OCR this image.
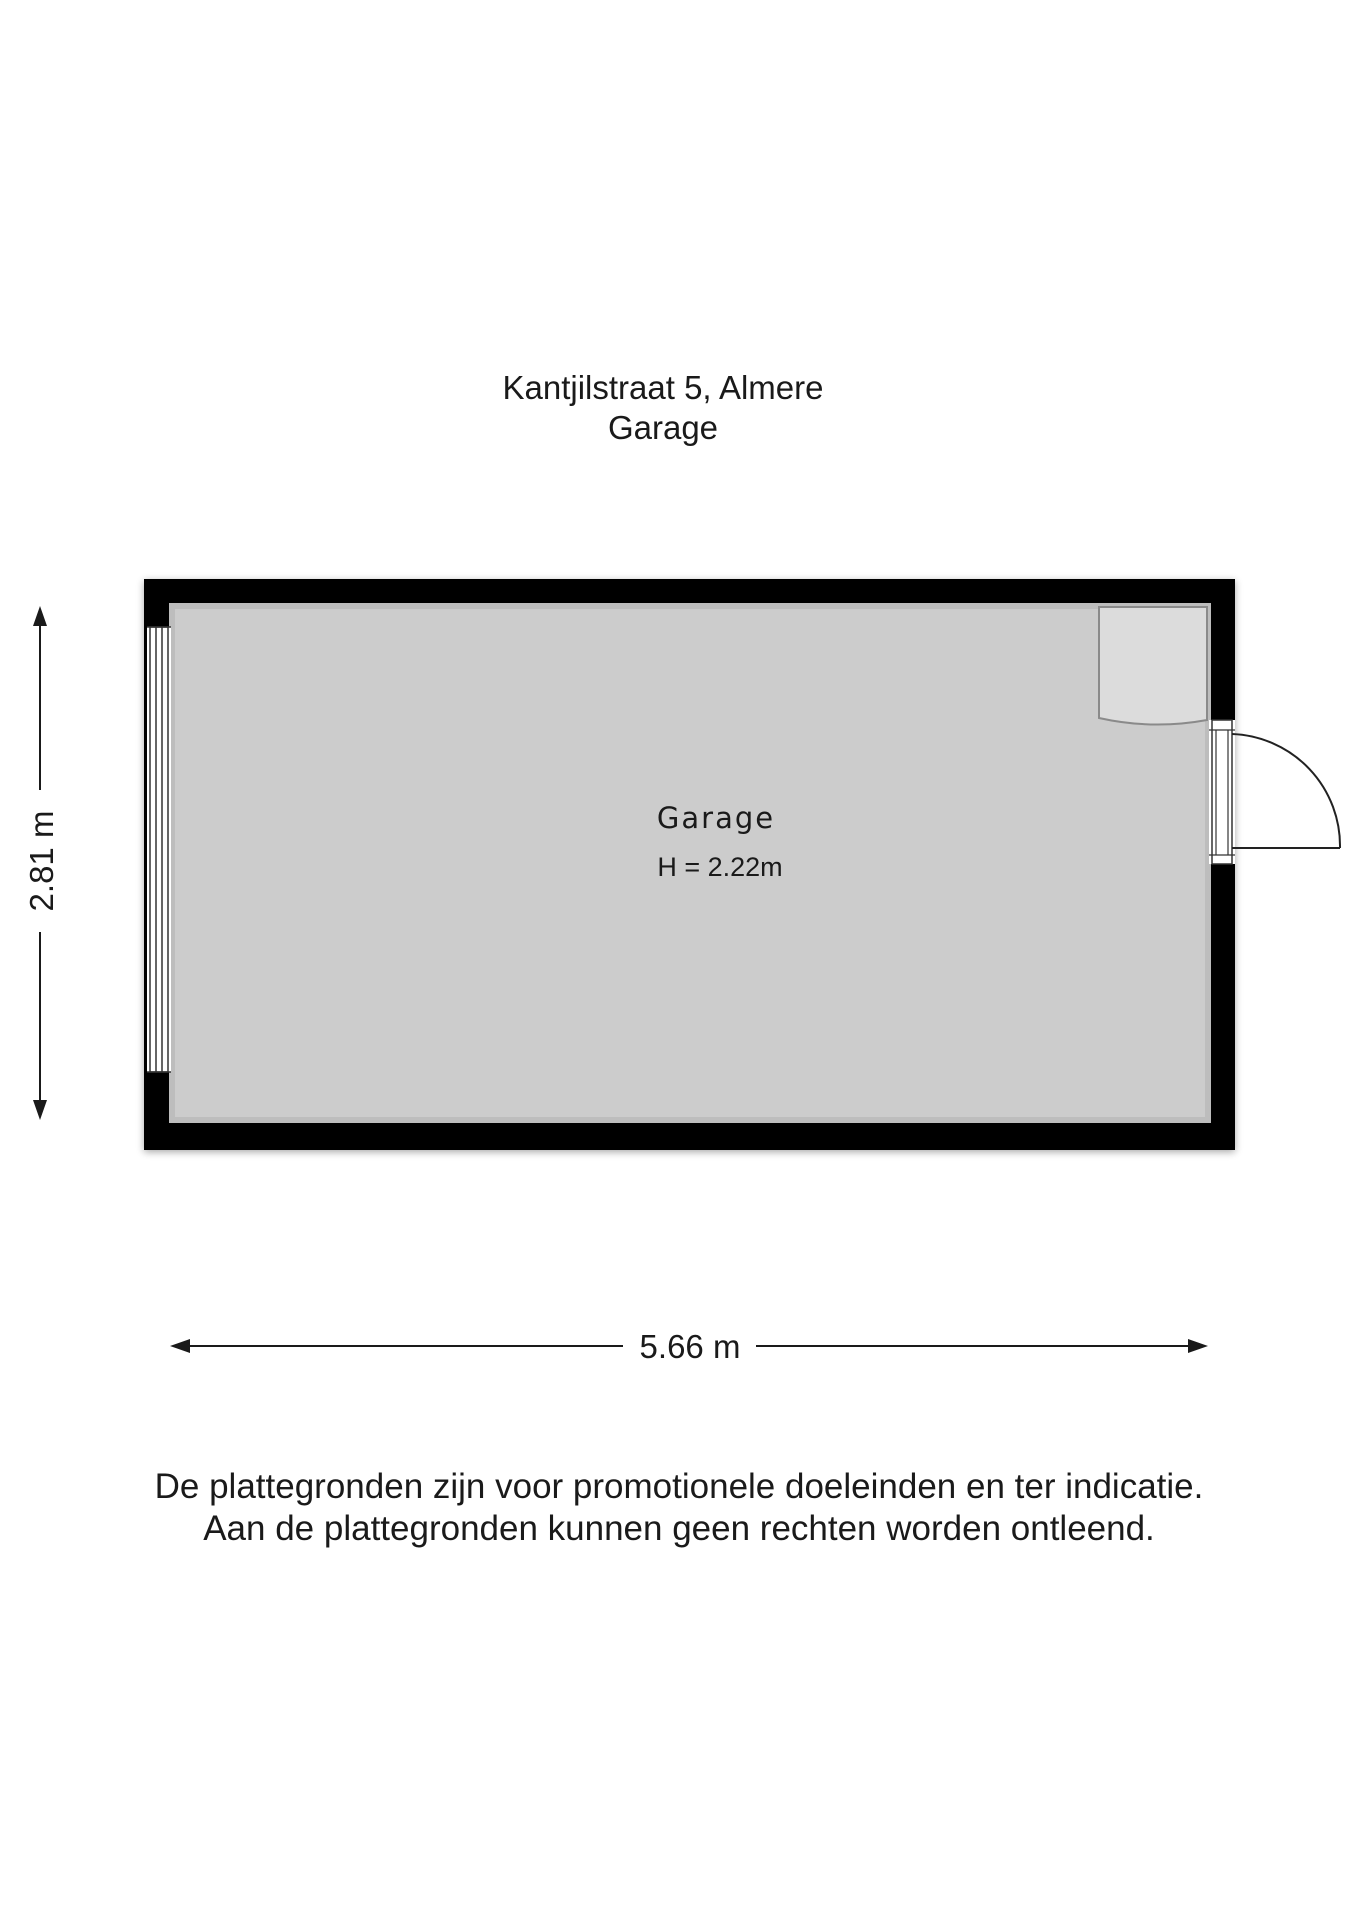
Kantjilstraat 5, Almere
Garage
Garage
H = 2.22m
2.81 m
5.66 m
De plattegronden zijn voor promotionele doeleinden en ter indicatie.
Aan de plattegronden kunnen geen rechten worden ontleend.
